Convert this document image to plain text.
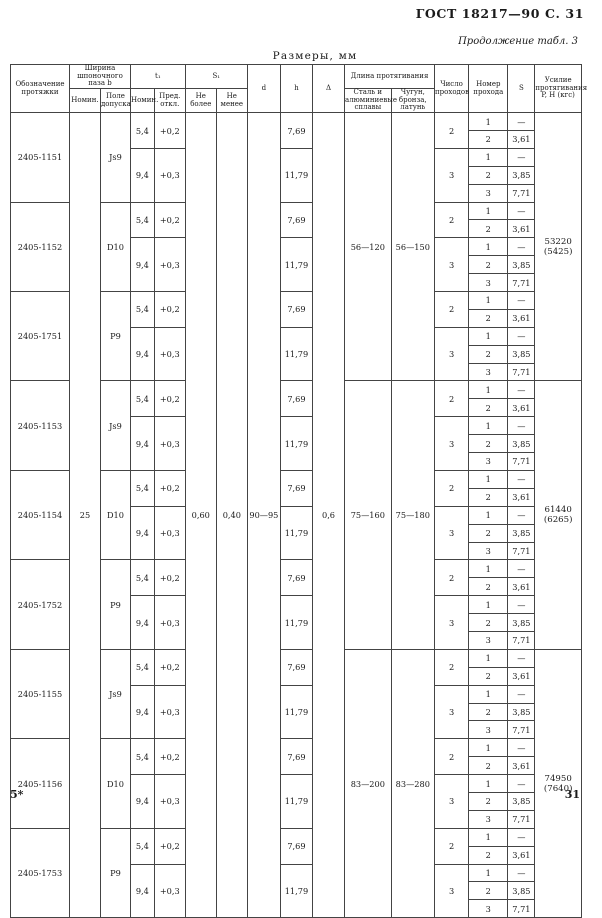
ГОСТ 18217—90 С. 31
Продолжение табл. 3
Размеры, мм
Обозначение протяжки	Ширина шпоночного паза b		t₁		S₁		d	h	Δ	Длина протягивания		Число проходов	Номер прохода	S	Усилие протягивания P, Н (кгс)

	Номин.	Поле допуска	Номин.	Пред. откл.	Не более	Не менее				Сталь и алюминиевые сплавы	Чугун, бронза, латунь				
2405-1151	25	Js9	5,4	+0,2	0,60	0,40	90—95	7,69	0,6	56—120	56—150	2	1	—	53220
(5425)

													2	3,61	
			9,4	+0,3				11,79				3	1	—	
													2	3,85	
													3	7,71	
2405-1152		D10	5,4	+0,2				7,69				2	1	—	
													2	3,61	
			9,4	+0,3				11,79				3	1	—	
													2	3,85	
													3	7,71	
2405-1751		P9	5,4	+0,2				7,69				2	1	—	
													2	3,61	
			9,4	+0,3				11,79				3	1	—	
													2	3,85	
													3	7,71	
2405-1153		Js9	5,4	+0,2				7,69		75—160	75—180	2	1	—	61440
(6265)

													2	3,61	
			9,4	+0,3				11,79				3	1	—	
													2	3,85	
													3	7,71	
2405-1154		D10	5,4	+0,2				7,69				2	1	—	
													2	3,61	
			9,4	+0,3				11,79				3	1	—	
													2	3,85	
													3	7,71	
2405-1752		P9	5,4	+0,2				7,69				2	1	—	
													2	3,61	
			9,4	+0,3				11,79				3	1	—	
													2	3,85	
													3	7,71	
2405-1155		Js9	5,4	+0,2				7,69		83—200	83—280	2	1	—	74950
(7640)

													2	3,61	
			9,4	+0,3				11,79				3	1	—	
													2	3,85	
													3	7,71	
2405-1156		D10	5,4	+0,2				7,69				2	1	—	
													2	3,61	
			9,4	+0,3				11,79				3	1	—	
													2	3,85	
													3	7,71	
2405-1753		P9	5,4	+0,2				7,69				2	1	—	
													2	3,61	
			9,4	+0,3				11,79				3	1	—	
													2	3,85	
													3	7,71	
5*	31
